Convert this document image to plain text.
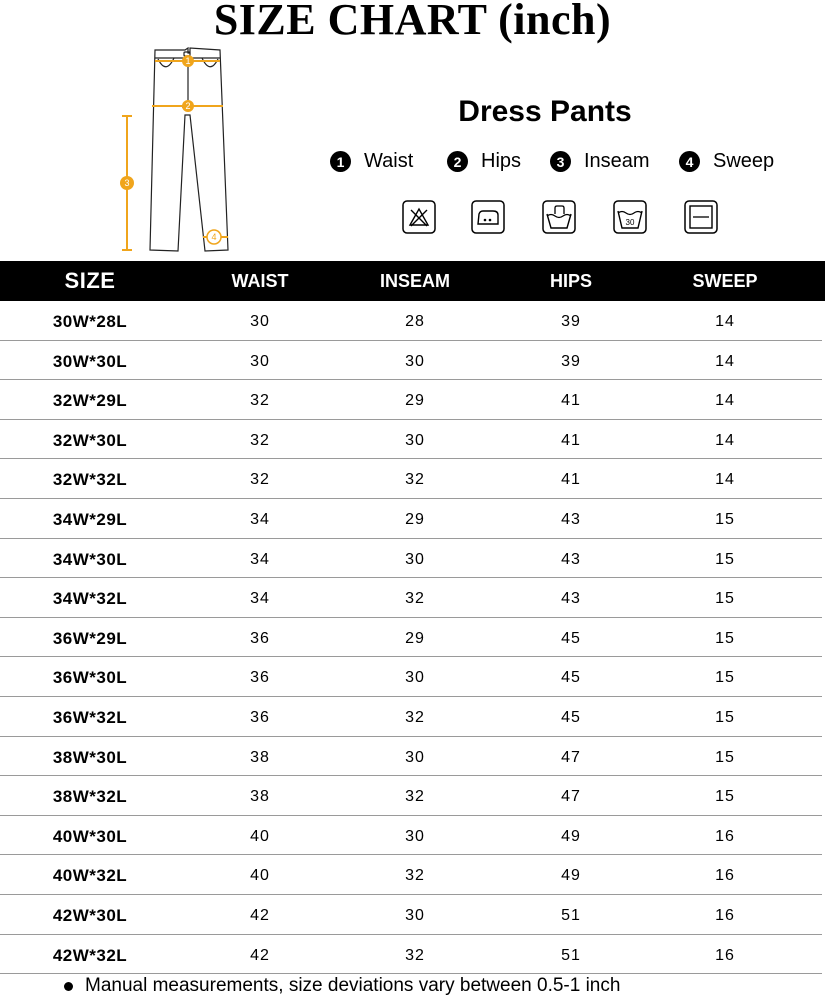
SIZE CHART (inch)
1
2
3
4
Dress Pants
1 Waist	2 Hips	3 Inseam	4 Sweep
30
SIZE	WAIST	INSEAM	HIPS	SWEEP
30W*28L	30	28	39	14
30W*30L	30	30	39	14
32W*29L	32	29	41	14
32W*30L	32	30	41	14
32W*32L	32	32	41	14
34W*29L	34	29	43	15
34W*30L	34	30	43	15
34W*32L	34	32	43	15
36W*29L	36	29	45	15
36W*30L	36	30	45	15
36W*32L	36	32	45	15
38W*30L	38	30	47	15
38W*32L	38	32	47	15
40W*30L	40	30	49	16
40W*32L	40	32	49	16
42W*30L	42	30	51	16
42W*32L	42	32	51	16
Manual measurements, size deviations vary between 0.5-1 inch
